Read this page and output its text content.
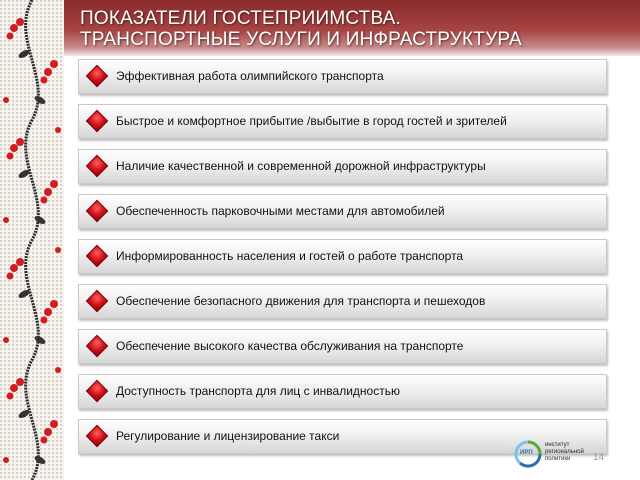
ПОКАЗАТЕЛИ ГОСТЕПРИИМСТВА.
ТРАНСПОРТНЫЕ УСЛУГИ И ИНФРАСТРУКТУРА
Эффективная работа олимпийского транспорта
Быстрое и комфортное прибытие /выбытие в город гостей и зрителей
Наличие качественной и современной дорожной инфраструктуры
Обеспеченность парковочными местами для автомобилей
Информированность населения и гостей о работе транспорта
Обеспечение безопасного движения для транспорта и пешеходов
Обеспечение высокого качества обслуживания на транспорте
Доступность транспорта для лиц с инвалидностью
Регулирование и лицензирование такси
ИРП
институт
региональной
политики	14
